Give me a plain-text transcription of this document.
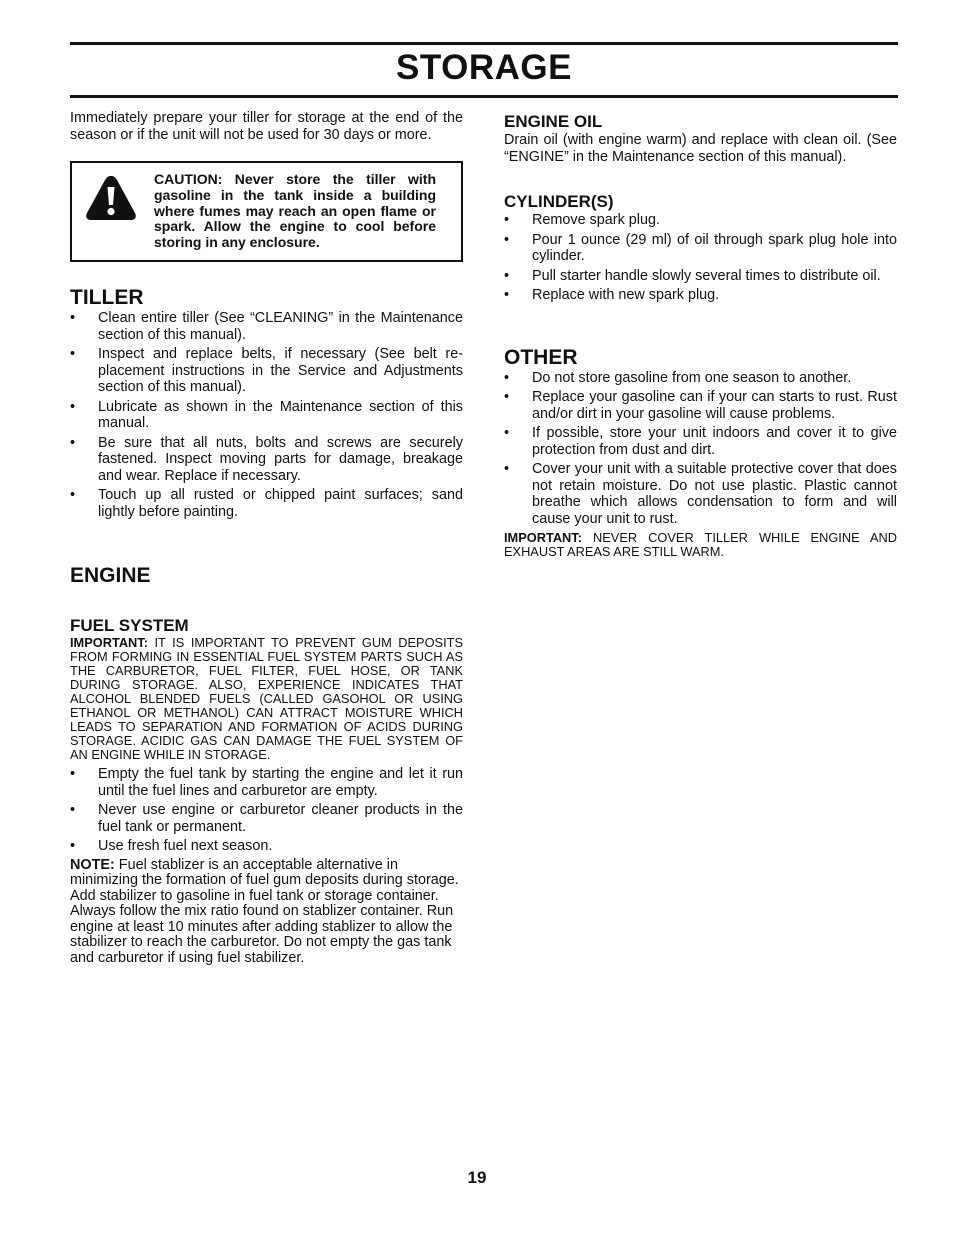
STORAGE

Immediately prepare your tiller for storage at the end of the season or if the unit will not be used for 30 days or more.

CAUTION: Never store the tiller with gasoline in the tank inside a building where fumes may reach an open flame or spark. Allow the engine to cool before storing in any enclosure.

TILLER
• Clean entire tiller (See “CLEANING” in the Maintenance section of this manual).
• Inspect and replace belts, if necessary (See belt re-placement instructions in the Service and Adjustments section of this manual).
• Lubricate as shown in the Maintenance section of this manual.
• Be sure that all nuts, bolts and screws are securely fastened. Inspect moving parts for damage, breakage and wear. Replace if necessary.
• Touch up all rusted or chipped paint surfaces; sand lightly before painting.
ENGINE
FUEL SYSTEM

IMPORTANT: IT IS IMPORTANT TO PREVENT GUM DEPOSITS FROM FORMING IN ESSENTIAL FUEL SYSTEM PARTS SUCH AS THE CARBURETOR, FUEL FILTER, FUEL HOSE, OR TANK DURING STORAGE. ALSO, EXPERIENCE INDICATES THAT ALCOHOL BLENDED FUELS (CALLED GASOHOL OR USING ETHANOL OR METHANOL) CAN ATTRACT MOISTURE WHICH LEADS TO SEPARATION AND FORMATION OF ACIDS DURING STORAGE. ACIDIC GAS CAN DAMAGE THE FUEL SYSTEM OF AN ENGINE WHILE IN STORAGE.

• Empty the fuel tank by starting the engine and let it run until the fuel lines and carburetor are empty.
• Never use engine or carburetor cleaner products in the fuel tank or permanent.
• Use fresh fuel next season.

NOTE: Fuel stablizer is an acceptable alternative in minimizing the formation of fuel gum deposits during storage. Add stabilizer to gasoline in fuel tank or storage container. Always follow the mix ratio found on stablizer container. Run engine at least 10 minutes after adding stablizer to allow the stabilizer to reach the carburetor. Do not empty the gas tank and carburetor if using fuel stabilizer.

ENGINE OIL

Drain oil (with engine warm) and replace with clean oil. (See “ENGINE” in the Maintenance section of this manual).

CYLINDER(S)
• Remove spark plug.
• Pour 1 ounce (29 ml) of oil through spark plug hole into cylinder.
• Pull starter handle slowly several times to distribute oil.
• Replace with new spark plug.
OTHER
• Do not store gasoline from one season to another.
• Replace your gasoline can if your can starts to rust. Rust and/or dirt in your gasoline will cause problems.
• If possible, store your unit indoors and cover it to give protection from dust and dirt.
• Cover your unit with a suitable protective cover that does not retain moisture. Do not use plastic. Plastic cannot breathe which allows condensation to form and will cause your unit to rust.

IMPORTANT: NEVER COVER TILLER WHILE ENGINE AND EXHAUST AREAS ARE STILL WARM.

19
